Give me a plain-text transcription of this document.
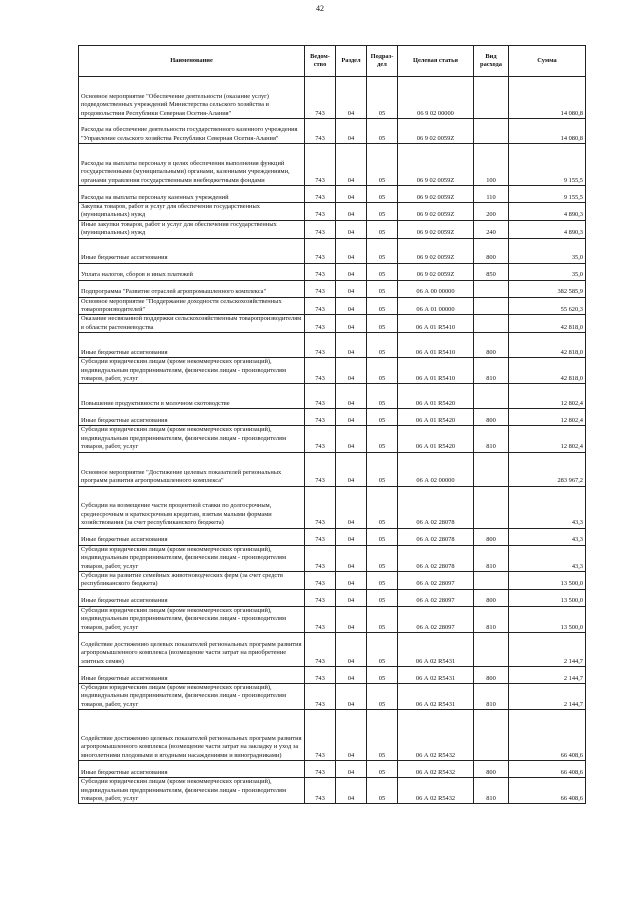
42
Наименование	Ведом-ство	Раздел	Подраз-дел	Целевая статья	Вид расхода	Сумма
Основное мероприятие "Обеспечение деятельности (оказание услуг) подведомственных учреждений Министерства сельского хозяйства и продовольствия Республики Северная Осетия-Алания"	743	04	05	06 9 02 00000		14 080,8
Расходы на обеспечение деятельности государственного казенного учреждения "Управление сельского хозяйства Республики Северная Осетия-Алания"	743	04	05	06 9 02 0059Z		14 080,8
Расходы на выплаты персоналу в целях обеспечения выполнения функций государственными (муниципальными) органами, казенными учреждениями, органами управления государственными внебюджетными фондами	743	04	05	06 9 02 0059Z	100	9 155,5
Расходы на выплаты персоналу казенных учреждений	743	04	05	06 9 02 0059Z	110	9 155,5
Закупка товаров, работ и услуг для обеспечения государственных (муниципальных) нужд	743	04	05	06 9 02 0059Z	200	4 890,3
Иные закупки товаров, работ и услуг для обеспечения государственных (муниципальных) нужд	743	04	05	06 9 02 0059Z	240	4 890,3
Иные бюджетные ассигнования	743	04	05	06 9 02 0059Z	800	35,0
Уплата налогов, сборов и иных платежей	743	04	05	06 9 02 0059Z	850	35,0
Подпрограмма "Развитие отраслей агропромышленного комплекса"	743	04	05	06 А 00 00000		382 585,9
Основное мероприятие "Поддержание доходности сельскохозяйственных товаропроизводителей"	743	04	05	06 А 01 00000		55 620,3
Оказание несвязанной поддержки сельскохозяйственным товаропроизводителям в области растениеводства	743	04	05	06 А 01 R5410		42 818,0
Иные бюджетные ассигнования	743	04	05	06 А 01 R5410	800	42 818,0
Субсидии юридическим лицам (кроме некоммерческих организаций), индивидуальным предпринимателям, физическим лицам - производителям товаров, работ, услуг	743	04	05	06 А 01 R5410	810	42 818,0
Повышение продуктивности в молочном скотоводстве	743	04	05	06 А 01 R5420		12 802,4
Иные бюджетные ассигнования	743	04	05	06 А 01 R5420	800	12 802,4
Субсидии юридическим лицам (кроме некоммерческих организаций), индивидуальным предпринимателям, физическим лицам - производителям товаров, работ, услуг	743	04	05	06 А 01 R5420	810	12 802,4
Основное мероприятие "Достижение целевых показателей региональных программ развития агропромышленного комплекса"	743	04	05	06 А 02 00000		283 967,2
Субсидии на возмещение части процентной ставки по долгосрочным, среднесрочным и краткосрочным кредитам, взятым малыми формами хозяйствования (за счет республиканского бюджета)	743	04	05	06 А 02 28078		43,3
Иные бюджетные ассигнования	743	04	05	06 А 02 28078	800	43,3
Субсидии юридическим лицам (кроме некоммерческих организаций), индивидуальным предпринимателям, физическим лицам - производителям товаров, работ, услуг	743	04	05	06 А 02 28078	810	43,3
Субсидии на развитие семейных животноводческих ферм (за счет средств республиканского бюджета)	743	04	05	06 А 02 28097		13 500,0
Иные бюджетные ассигнования	743	04	05	06 А 02 28097	800	13 500,0
Субсидии юридическим лицам (кроме некоммерческих организаций), индивидуальным предпринимателям, физическим лицам - производителям товаров, работ, услуг	743	04	05	06 А 02 28097	810	13 500,0
Содействие достижению целевых показателей региональных программ развития агропромышленного комплекса (возмещение части затрат на приобретение элитных семян)	743	04	05	06 А 02 R5431		2 144,7
Иные бюджетные ассигнования	743	04	05	06 А 02 R5431	800	2 144,7
Субсидии юридическим лицам (кроме некоммерческих организаций), индивидуальным предпринимателям, физическим лицам - производителям товаров, работ, услуг	743	04	05	06 А 02 R5431	810	2 144,7
Содействие достижению целевых показателей региональных программ развития агропромышленного комплекса (возмещение части затрат на закладку и уход за многолетними плодовыми и ягодными насаждениями и виноградниками)	743	04	05	06 А 02 R5432		66 408,6
Иные бюджетные ассигнования	743	04	05	06 А 02 R5432	800	66 408,6
Субсидии юридическим лицам (кроме некоммерческих организаций), индивидуальным предпринимателям, физическим лицам - производителям товаров, работ, услуг	743	04	05	06 А 02 R5432	810	66 408,6
